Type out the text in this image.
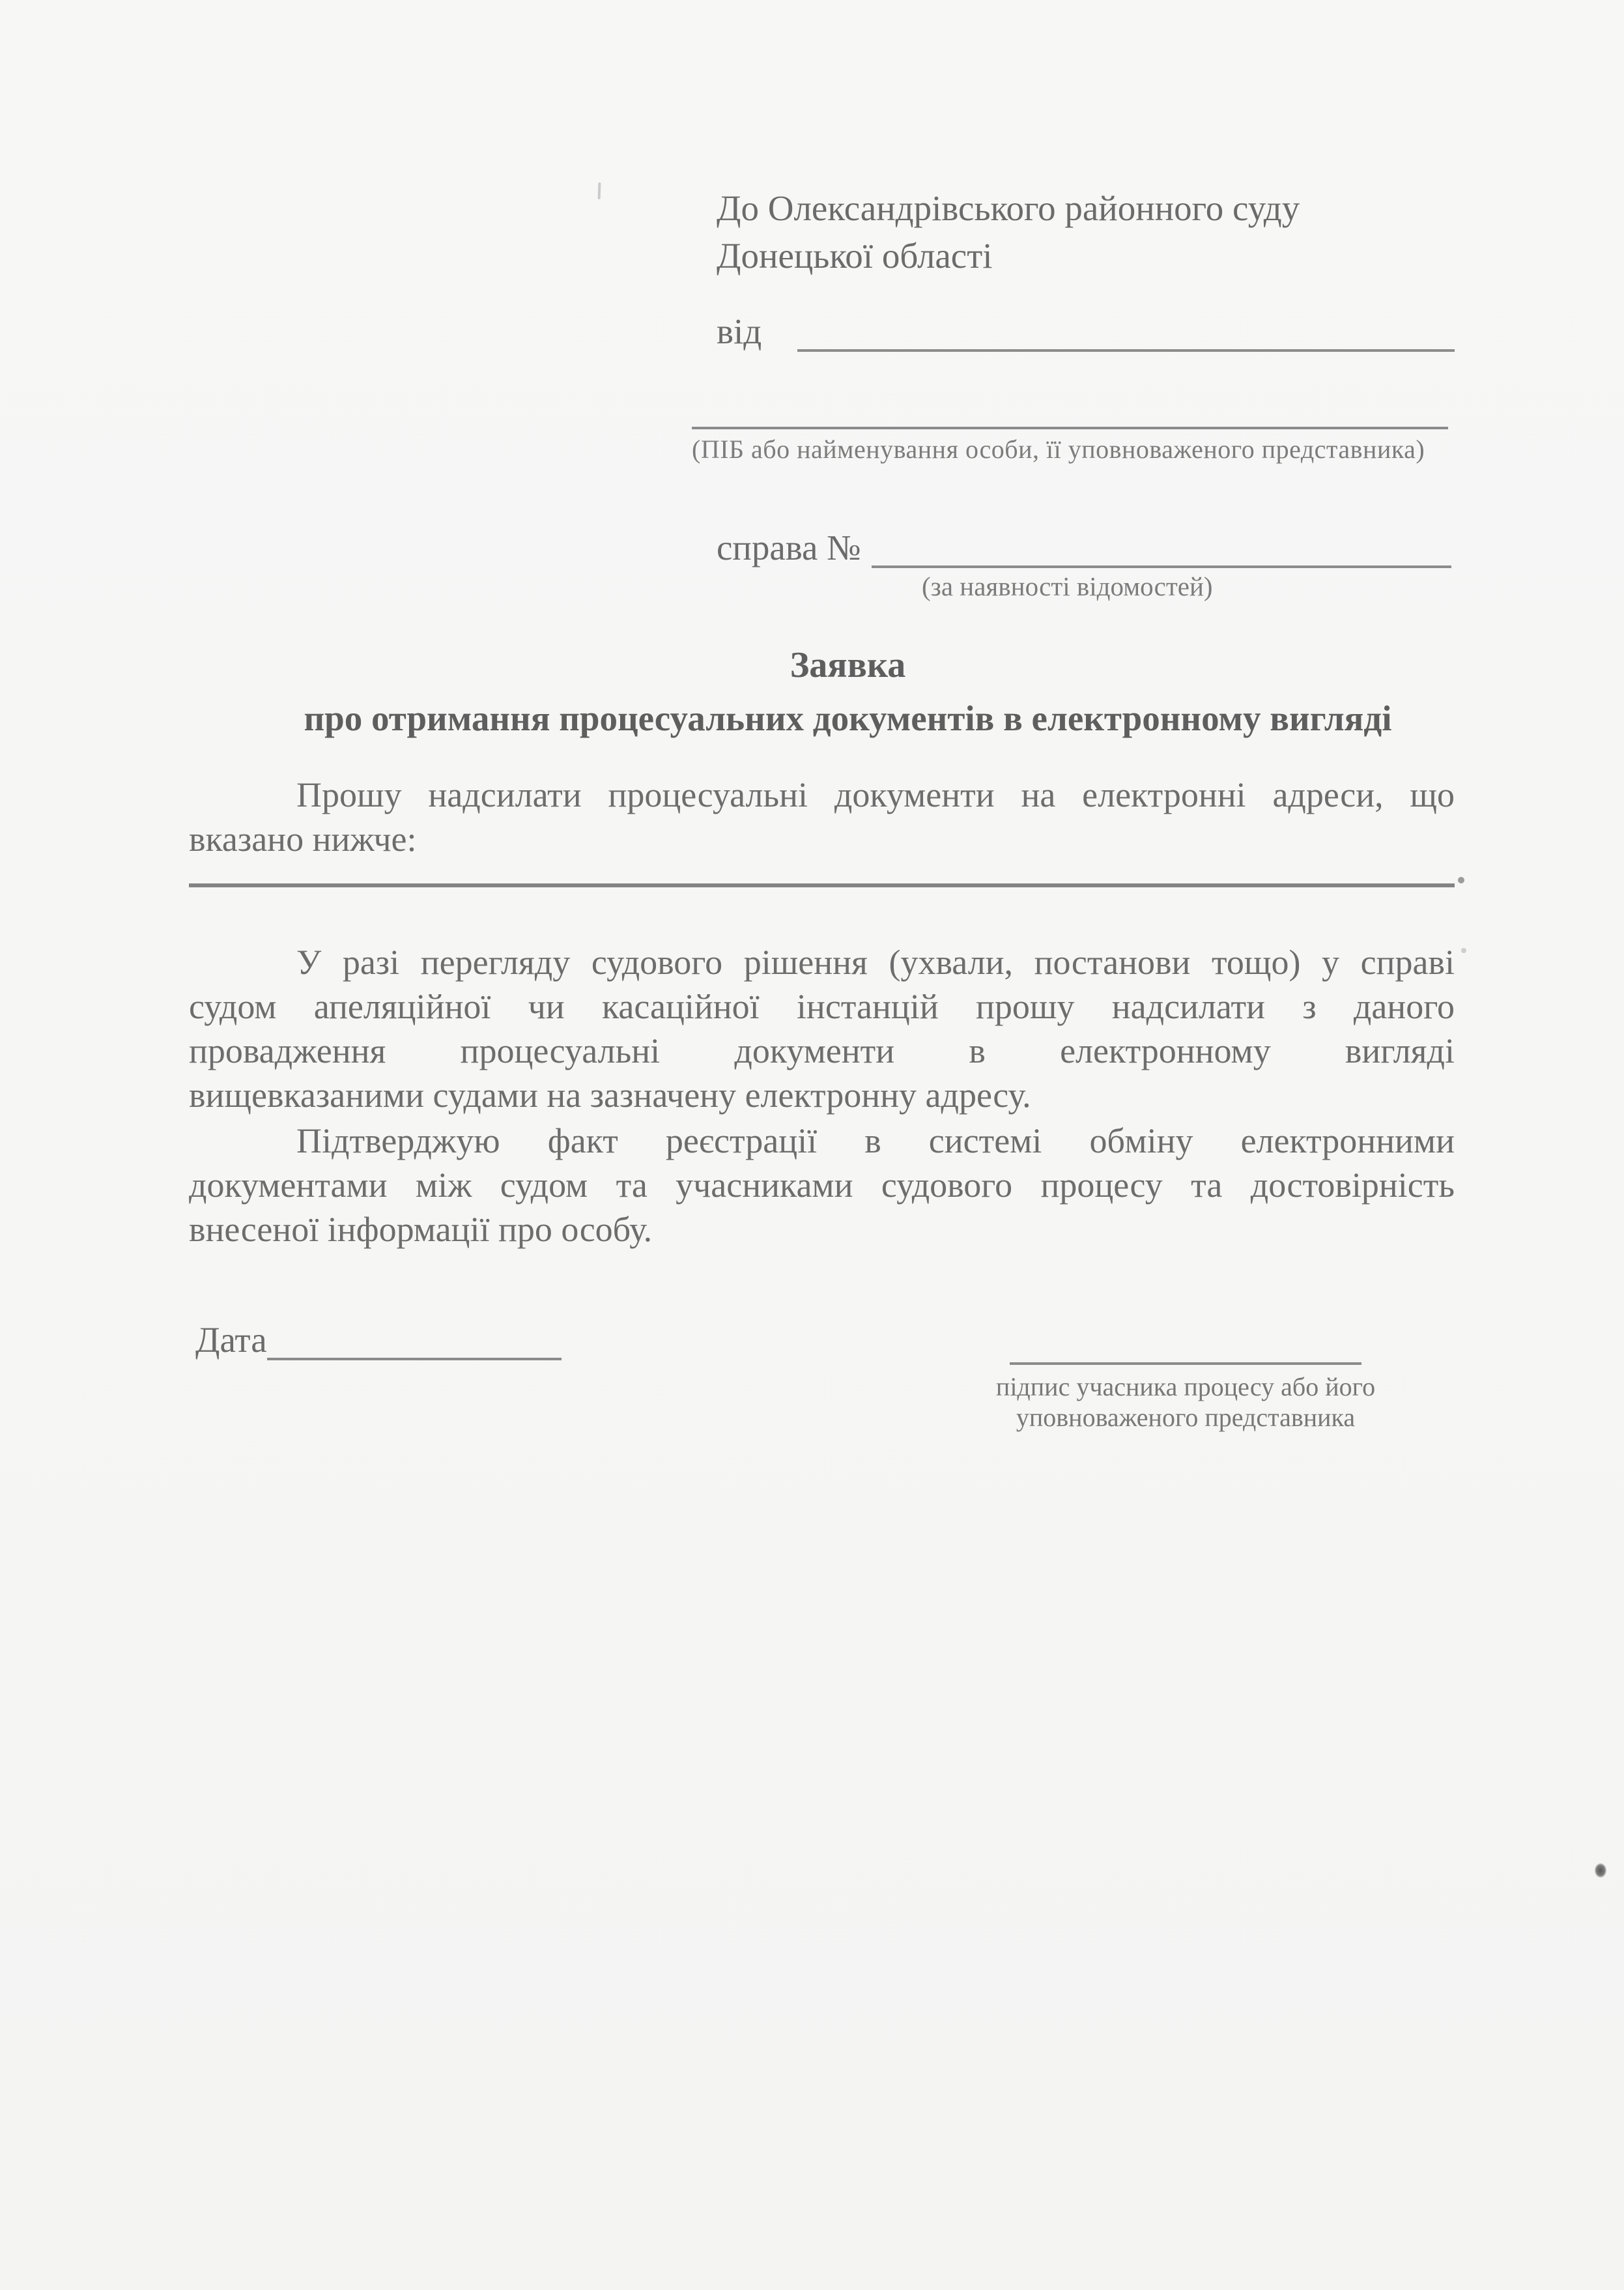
До Олександрівського районного суду
Донецької області
від
(ПІБ або найменування особи, її уповноваженого представника)
справа №
(за наявності відомостей)
Заявка
про отримання процесуальних документів в електронному вигляді
Прошу надсилати процесуальні документи на електронні адреси, що
вказано нижче:
У разі перегляду судового рішення (ухвали, постанови тощо) у справі
судом апеляційної чи касаційної інстанцій прошу надсилати з даного
провадження процесуальні документи в електронному вигляді
вищевказаними судами на зазначену електронну адресу.
Підтверджую факт реєстрації в системі обміну електронними
документами між судом та учасниками судового процесу та достовірність
внесеної інформації про особу.
Дата
підпис учасника процесу або його
уповноваженого представника
